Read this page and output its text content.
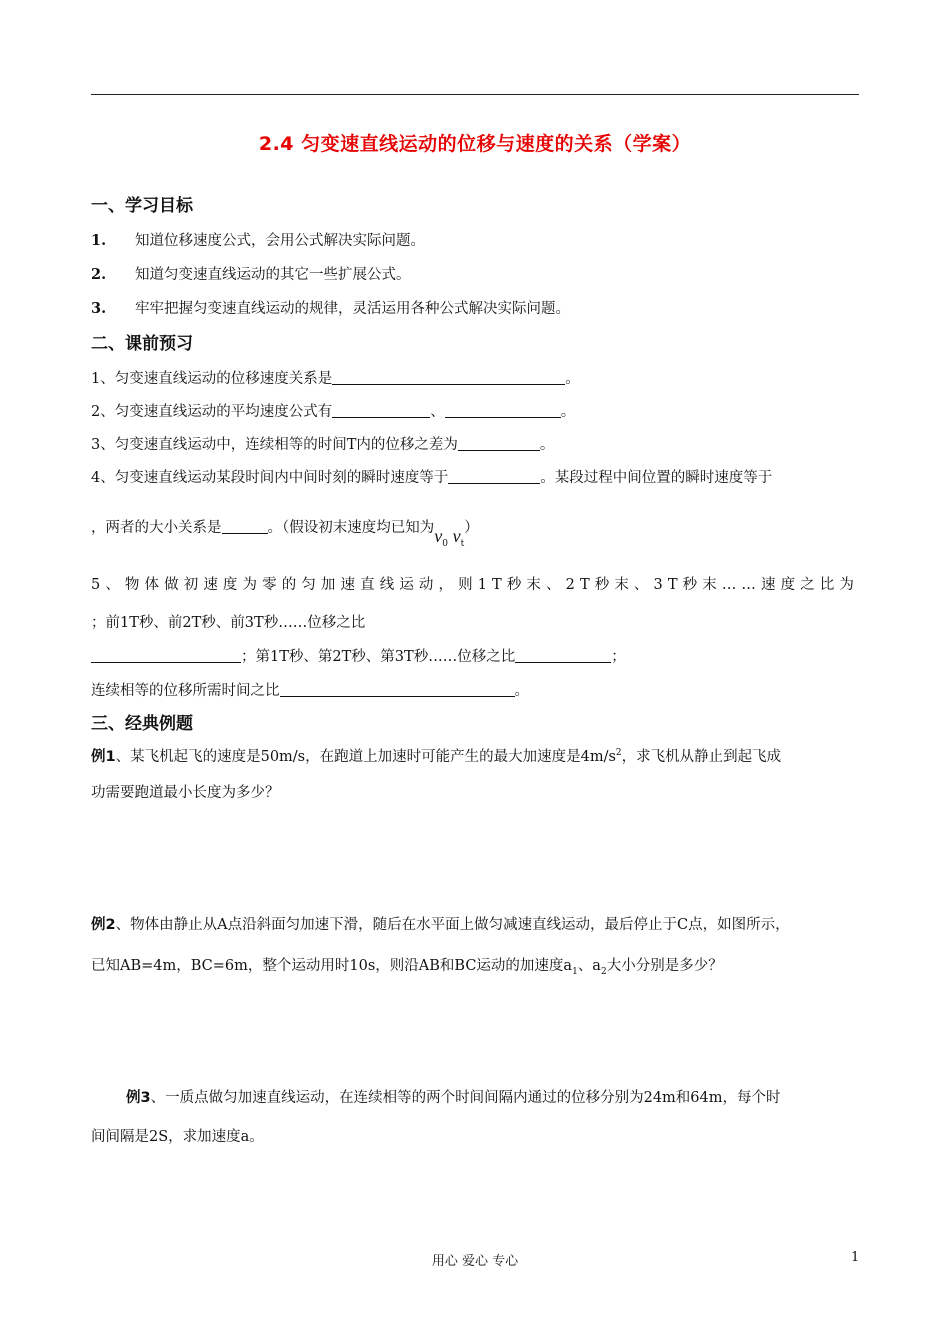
2.4 匀变速直线运动的位移与速度的关系（学案）
一、学习目标
1. 知道位移速度公式，会用公式解决实际问题。
2. 知道匀变速直线运动的其它一些扩展公式。
3. 牢牢把握匀变速直线运动的规律，灵活运用各种公式解决实际问题。
二、课前预习
1、匀变速直线运动的位移速度关系是	。
2、匀变速直线运动的平均速度公式有	、	。
3、匀变速直线运动中，连续相等的时间T内的位移之差为	。
4、匀变速直线运动某段时间内中间时刻的瞬时速度等于	。某段过程中间位置的瞬时速度等于
，两者的大小关系是	。（假设初末速度均已知为$v_0$ $v_t$）
5、物体做初速度为零的匀加速直线运动，则1T秒末、2T秒末、3T秒末……速度之比为
；前1T秒、前2T秒、前3T秒……位移之比
；第1T秒、第2T秒、第3T秒……位移之比	；
连续相等的位移所需时间之比	。
三、经典例题
例1、某飞机起飞的速度是50m/s，在跑道上加速时可能产生的最大加速度是$4m/s^2$，求飞机从静止到起飞成
功需要跑道最小长度为多少？
例2、物体由静止从A点沿斜面匀加速下滑，随后在水平面上做匀减速直线运动，最后停止于C点，如图所示，
已知AB=4m，BC=6m，整个运动用时10s，则沿AB和BC运动的加速度$a_1$、$a_2$大小分别是多少？
例3、一质点做匀加速直线运动，在连续相等的两个时间间隔内通过的位移分别为24m和64m，每个时
间间隔是2S，求加速度a。
用心 爱心 专心	1
